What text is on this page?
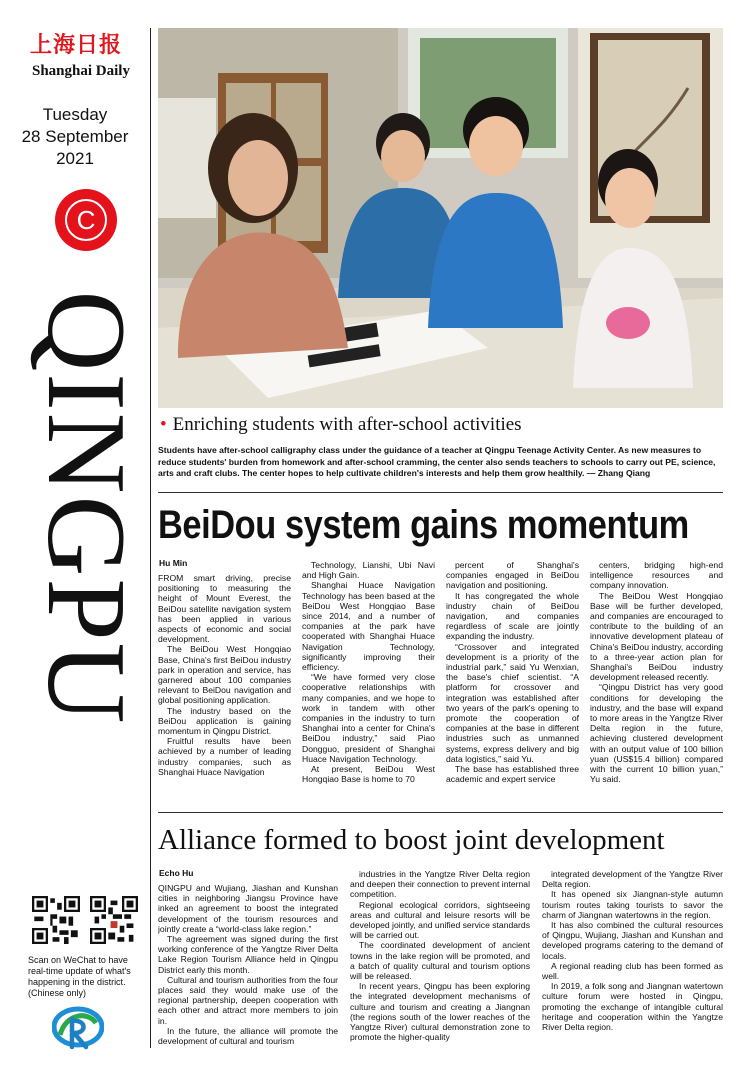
上海日报
Shanghai Daily
Tuesday
28 September
2021
C
QINGPU
Scan on WeChat to have real-time update of what's happening in the district. (Chinese only)
• Enriching students with after-school activities
Students have after-school calligraphy class under the guidance of a teacher at Qingpu Teenage Activity Center. As new measures to reduce students' burden from homework and after-school cramming, the center also sends teachers to schools to carry out PE, science, arts and craft clubs. The center hopes to help cultivate children's interests and help them grow healthily. — Zhang Qiang
BeiDou system gains momentum
Hu Min

FROM smart driving, precise positioning to measuring the height of Mount Everest, the BeiDou satellite navigation system has been applied in various aspects of economic and social development.

The BeiDou West Hongqiao Base, China's first BeiDou industry park in operation and service, has garnered about 100 companies relevant to BeiDou navigation and global positioning application.

The industry based on the BeiDou application is gaining momentum in Qingpu District.

Fruitful results have been achieved by a number of leading industry companies, such as Shanghai Huace Navigation

Technology, Lianshi, Ubi Navi and High Gain.

Shanghai Huace Navigation Technology has been based at the BeiDou West Hongqiao Base since 2014, and a number of companies at the park have cooperated with Shanghai Huace Navigation Technology, significantly improving their efficiency.

“We have formed very close cooperative relationships with many companies, and we hope to work in tandem with other companies in the industry to turn Shanghai into a center for China's BeiDou industry,” said Piao Dongguo, president of Shanghai Huace Navigation Technology.

At present, BeiDou West Hongqiao Base is home to 70

percent of Shanghai's companies engaged in BeiDou navigation and positioning.

It has congregated the whole industry chain of BeiDou navigation, and companies regardless of scale are jointly expanding the industry.

“Crossover and integrated development is a priority of the industrial park,” said Yu Wenxian, the base's chief scientist. “A platform for crossover and integration was established after two years of the park's opening to promote the cooperation of companies at the base in different industries such as unmanned systems, express delivery and big data logistics,” said Yu.

The base has established three academic and expert service

centers, bridging high-end intelligence resources and company innovation.

The BeiDou West Hongqiao Base will be further developed, and companies are encouraged to contribute to the building of an innovative development plateau of China's BeiDou industry, according to a three-year action plan for Shanghai's BeiDou industry development released recently.

“Qingpu District has very good conditions for developing the industry, and the base will expand to more areas in the Yangtze River Delta region in the future, achieving clustered development with an output value of 100 billion yuan (US$15.4 billion) compared with the current 10 billion yuan,” Yu said.

Alliance formed to boost joint development
Echo Hu

QINGPU and Wujiang, Jiashan and Kunshan cities in neighboring Jiangsu Province have inked an agreement to boost the integrated development of the tourism resources and jointly create a “world-class lake region.”

The agreement was signed during the first working conference of the Yangtze River Delta Lake Region Tourism Alliance held in Qingpu District early this month.

Cultural and tourism authorities from the four places said they would make use of the regional partnership, deepen cooperation with each other and attract more members to join in.

In the future, the alliance will promote the development of cultural and tourism

industries in the Yangtze River Delta region and deepen their connection to prevent internal competition.

Regional ecological corridors, sightseeing areas and cultural and leisure resorts will be developed jointly, and unified service standards will be carried out.

The coordinated development of ancient towns in the lake region will be promoted, and a batch of quality cultural and tourism options will be released.

In recent years, Qingpu has been exploring the integrated development mechanisms of culture and tourism and creating a Jiangnan (the regions south of the lower reaches of the Yangtze River) cultural demonstration zone to promote the higher-quality

integrated development of the Yangtze River Delta region.

It has opened six Jiangnan-style autumn tourism routes taking tourists to savor the charm of Jiangnan watertowns in the region.

It has also combined the cultural resources of Qingpu, Wujiang, Jiashan and Kunshan and developed programs catering to the demand of locals.

A regional reading club has been formed as well.

In 2019, a folk song and Jiangnan watertown culture forum were hosted in Qingpu, promoting the exchange of intangible cultural heritage and cooperation within the Yangtze River Delta region.
